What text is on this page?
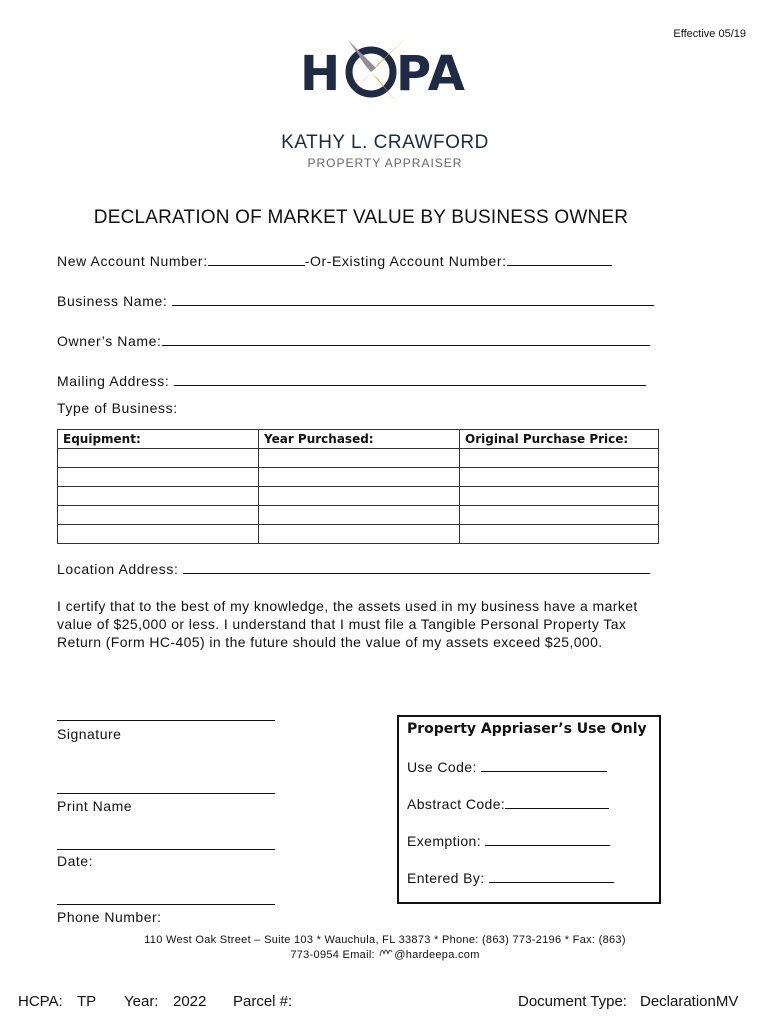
Effective 05/19
H PA
KATHY L. CRAWFORD
PROPERTY APPRAISER
DECLARATION OF MARKET VALUE BY BUSINESS OWNER
New Account Number:	-Or-Existing Account Number:
Business Name:
Owner’s Name:
Mailing Address:
Type of Business:
Equipment:	Year Purchased:	Original Purchase Price:

Location Address:
I certify that to the best of my knowledge, the assets used in my business have a market value of $25,000 or less. I understand that I must file a Tangible Personal Property Tax Return (Form HC-405) in the future should the value of my assets exceed $25,000.
Signature
Print Name
Date:
Phone Number:
Property Appriaser’s Use Only
Use Code:
Abstract Code:
Exemption:
Entered By:
110 West Oak Street – Suite 103 * Wauchula, FL 33873 * Phone: (863) 773-2196 * Fax: (863)
773-0954 Email: @hardeepa.com
HCPA: TP Year: 2022 Parcel #:	Document Type: DeclarationMV
